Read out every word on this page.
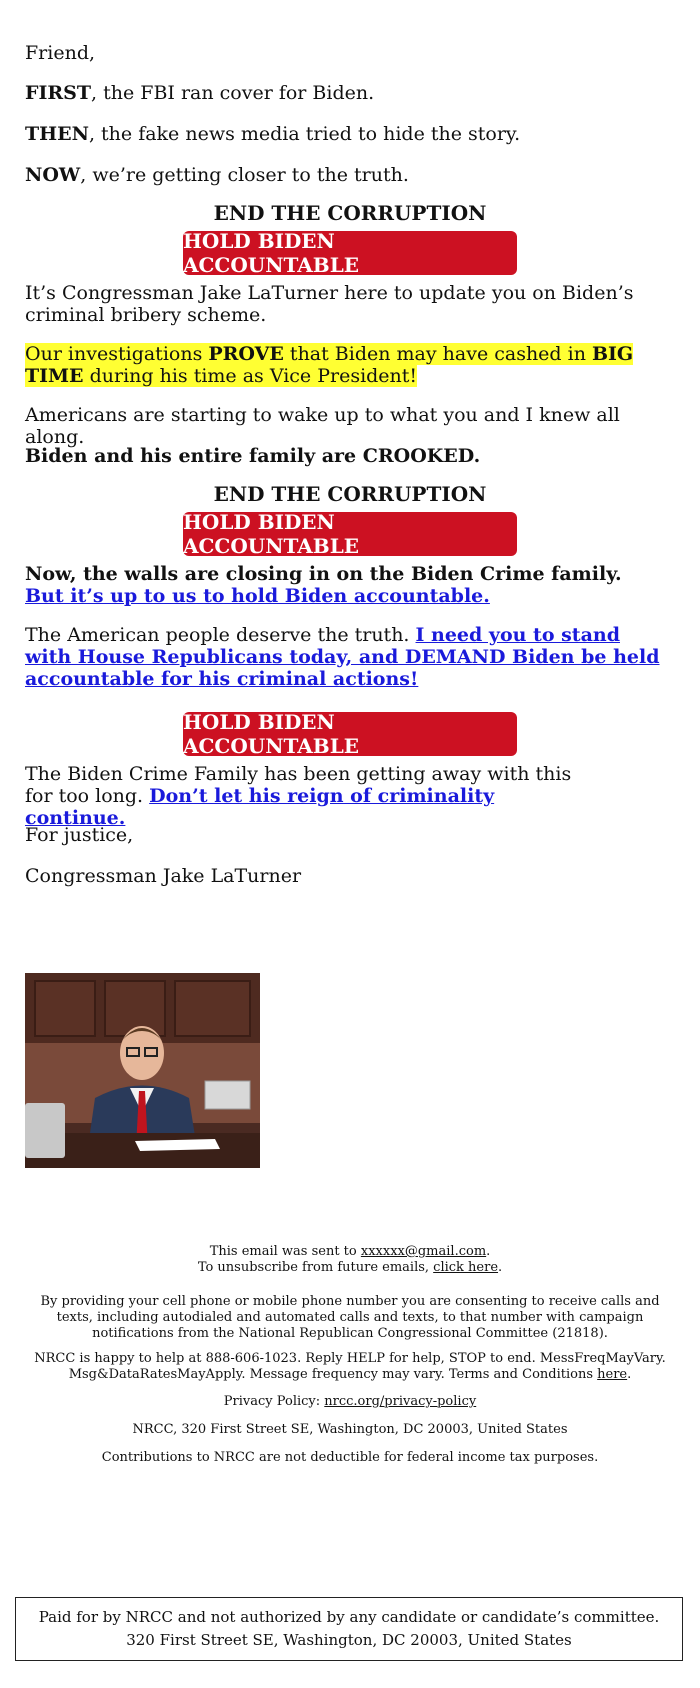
Friend,

FIRST, the FBI ran cover for Biden.

THEN, the fake news media tried to hide the story.

NOW, we’re getting closer to the truth.

END THE CORRUPTION

HOLD BIDEN ACCOUNTABLE

It’s Congressman Jake LaTurner here to update you on Biden’s criminal bribery scheme.

Our investigations PROVE that Biden may have cashed in BIG TIME during his time as Vice President!

Americans are starting to wake up to what you and I knew all along.

Biden and his entire family are CROOKED.

END THE CORRUPTION

HOLD BIDEN ACCOUNTABLE

Now, the walls are closing in on the Biden Crime family. But it’s up to us to hold Biden accountable.

The American people deserve the truth. I need you to stand with House Republicans today, and DEMAND Biden be held accountable for his criminal actions!

HOLD BIDEN ACCOUNTABLE

The Biden Crime Family has been getting away with this for too long. Don’t let his reign of criminality continue.

For justice,

Congressman Jake LaTurner

This email was sent to xxxxxx@gmail.com.
To unsubscribe from future emails, click here.
By providing your cell phone or mobile phone number you are consenting to receive calls and texts, including autodialed and automated calls and texts, to that number with campaign notifications from the National Republican Congressional Committee (21818).
NRCC is happy to help at 888-606-1023. Reply HELP for help, STOP to end. MessFreqMayVary. Msg&DataRatesMayApply. Message frequency may vary. Terms and Conditions here.
Privacy Policy: nrcc.org/privacy-policy
NRCC, 320 First Street SE, Washington, DC 20003, United States
Contributions to NRCC are not deductible for federal income tax purposes.
Paid for by NRCC and not authorized by any candidate or candidate’s committee. 320 First Street SE, Washington, DC 20003, United States
